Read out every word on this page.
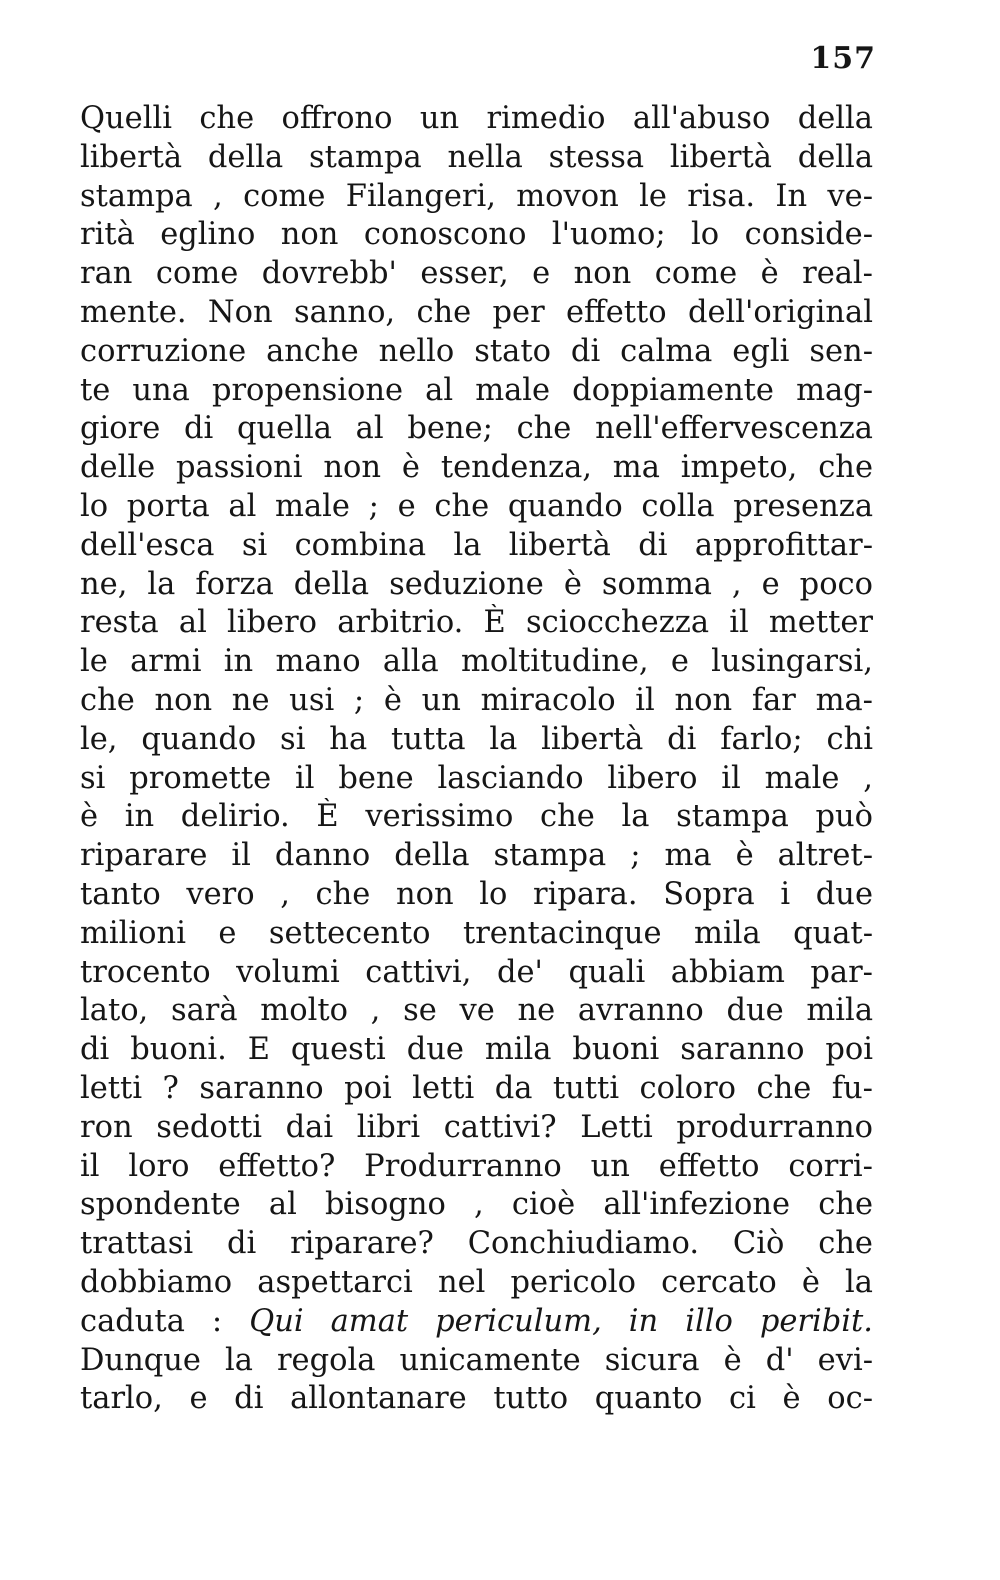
157
Quelli che offrono un rimedio all'abuso della
libertà della stampa nella stessa libertà della
stampa , come Filangeri, movon le risa. In ve-
rità eglino non conoscono l'uomo; lo conside-
ran come dovrebb' esser, e non come è real-
mente. Non sanno, che per effetto dell'original
corruzione anche nello stato di calma egli sen-
te una propensione al male doppiamente mag-
giore di quella al bene; che nell'effervescenza
delle passioni non è tendenza, ma impeto, che
lo porta al male ; e che quando colla presenza
dell'esca si combina la libertà di approfittar-
ne, la forza della seduzione è somma , e poco
resta al libero arbitrio. È sciocchezza il metter
le armi in mano alla moltitudine, e lusingarsi,
che non ne usi ; è un miracolo il non far ma-
le, quando si ha tutta la libertà di farlo; chi
si promette il bene lasciando libero il male ,
è in delirio. È verissimo che la stampa può
riparare il danno della stampa ; ma è altret-
tanto vero , che non lo ripara. Sopra i due
milioni e settecento trentacinque mila quat-
trocento volumi cattivi, de' quali abbiam par-
lato, sarà molto , se ve ne avranno due mila
di buoni. E questi due mila buoni saranno poi
letti ? saranno poi letti da tutti coloro che fu-
ron sedotti dai libri cattivi? Letti produrranno
il loro effetto? Produrranno un effetto corri-
spondente al bisogno , cioè all'infezione che
trattasi di riparare? Conchiudiamo. Ciò che
dobbiamo aspettarci nel pericolo cercato è la
caduta : Qui amat periculum, in illo peribit.
Dunque la regola unicamente sicura è d' evi-
tarlo, e di allontanare tutto quanto ci è oc-
